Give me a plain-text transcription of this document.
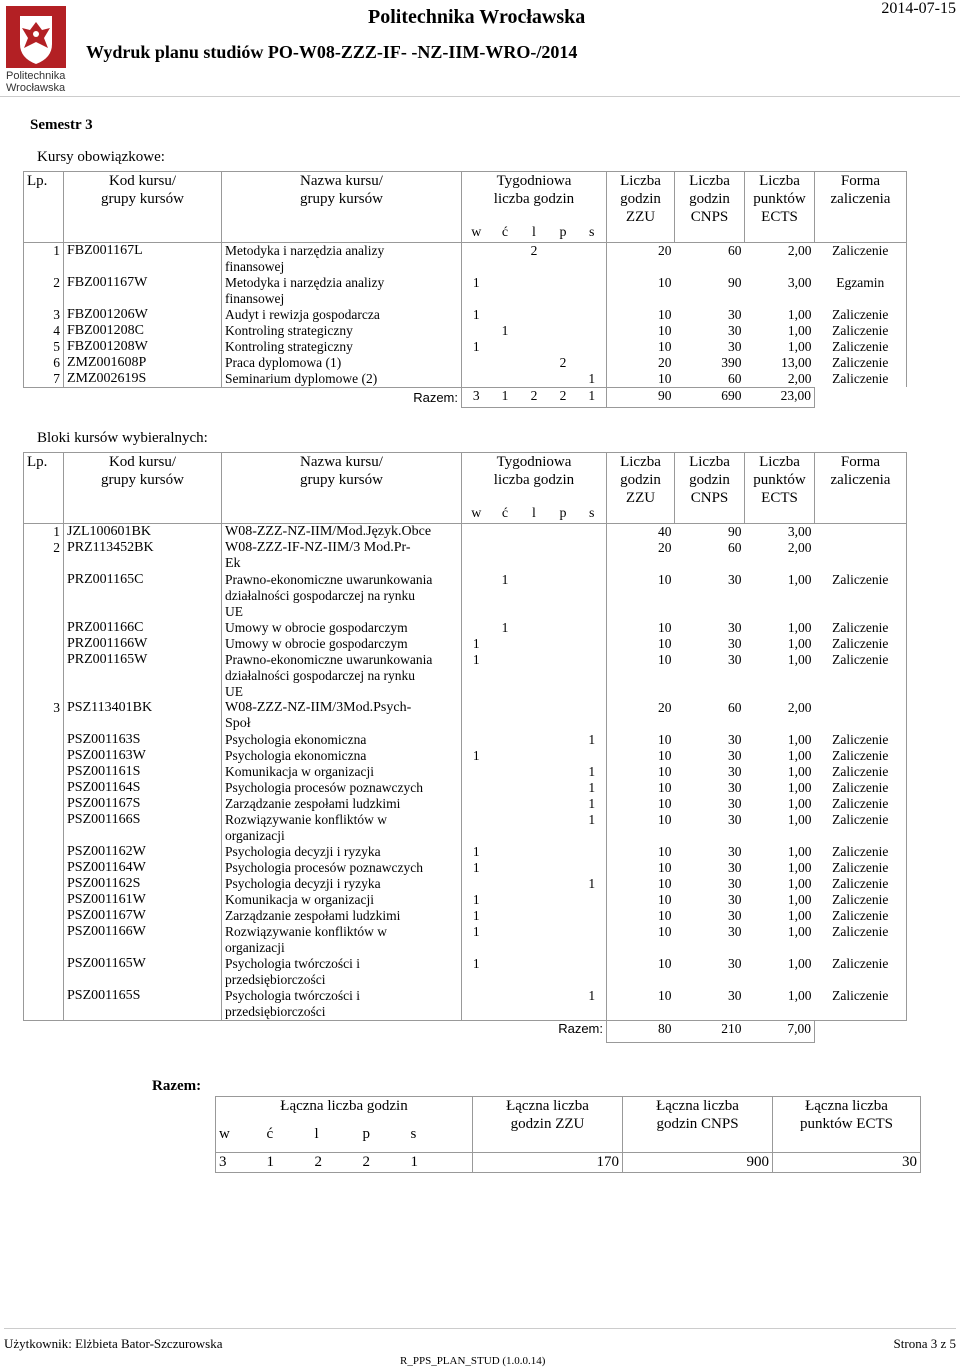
Politechnika
Wrocławska
Politechnika Wrocławska	2014-07-15
Wydruk planu studiów PO-W08-ZZZ-IF- -NZ-IIM-WRO-/2014
Semestr 3
Kursy obowiązkowe:
Lp.	Kod kursu/
grupy kursów	Nazwa kursu/
grupy kursów	Tygodniowa
liczba godzin					Liczba
godzin
ZZU	Liczba
godzin
CNPS	Liczba
punktów
ECTS	Forma
zaliczenia
			w	ć	l	p	s				
1	FBZ001167L	Metodyka i narzędzia analizy
finansowej			2			20	60	2,00	Zaliczenie
2	FBZ001167W	Metodyka i narzędzia analizy
finansowej	1					10	90	3,00	Egzamin
3	FBZ001206W	Audyt i rewizja gospodarcza	1					10	30	1,00	Zaliczenie
4	FBZ001208C	Kontroling strategiczny		1				10	30	1,00	Zaliczenie
5	FBZ001208W	Kontroling strategiczny	1					10	30	1,00	Zaliczenie
6	ZMZ001608P	Praca dyplomowa (1)				2		20	390	13,00	Zaliczenie
7	ZMZ002619S	Seminarium dyplomowe (2)					1	10	60	2,00	Zaliczenie
Razem:			3	1	2	2	1	90	690	23,00	
Bloki kursów wybieralnych:
Lp.	Kod kursu/
grupy kursów	Nazwa kursu/
grupy kursów	Tygodniowa
liczba godzin					Liczba
godzin
ZZU	Liczba
godzin
CNPS	Liczba
punktów
ECTS	Forma
zaliczenia
			w	ć	l	p	s				
1	JZL100601BK	W08-ZZZ-NZ-IIM/Mod.Język.Obce						40	90	3,00	
2	PRZ113452BK	W08-ZZZ-IF-NZ-IIM/3 Mod.Pr-
Ek						20	60	2,00	
	PRZ001165C	Prawno-ekonomiczne uwarunkowania
działalności gospodarczej na rynku
UE		1				10	30	1,00	Zaliczenie
	PRZ001166C	Umowy w obrocie gospodarczym		1				10	30	1,00	Zaliczenie
	PRZ001166W	Umowy w obrocie gospodarczym	1					10	30	1,00	Zaliczenie
	PRZ001165W	Prawno-ekonomiczne uwarunkowania
działalności gospodarczej na rynku
UE	1					10	30	1,00	Zaliczenie
3	PSZ113401BK	W08-ZZZ-NZ-IIM/3Mod.Psych-
Społ						20	60	2,00	
	PSZ001163S	Psychologia ekonomiczna					1	10	30	1,00	Zaliczenie
	PSZ001163W	Psychologia ekonomiczna	1					10	30	1,00	Zaliczenie
	PSZ001161S	Komunikacja w organizacji					1	10	30	1,00	Zaliczenie
	PSZ001164S	Psychologia procesów poznawczych					1	10	30	1,00	Zaliczenie
	PSZ001167S	Zarządzanie zespołami ludzkimi					1	10	30	1,00	Zaliczenie
	PSZ001166S	Rozwiązywanie konfliktów w
organizacji					1	10	30	1,00	Zaliczenie
	PSZ001162W	Psychologia decyzji i ryzyka	1					10	30	1,00	Zaliczenie
	PSZ001164W	Psychologia procesów poznawczych	1					10	30	1,00	Zaliczenie
	PSZ001162S	Psychologia decyzji i ryzyka					1	10	30	1,00	Zaliczenie
	PSZ001161W	Komunikacja w organizacji	1					10	30	1,00	Zaliczenie
	PSZ001167W	Zarządzanie zespołami ludzkimi	1					10	30	1,00	Zaliczenie
	PSZ001166W	Rozwiązywanie konfliktów w
organizacji	1					10	30	1,00	Zaliczenie
	PSZ001165W	Psychologia twórczości i
przedsiębiorczości	1					10	30	1,00	Zaliczenie
	PSZ001165S	Psychologia twórczości i
przedsiębiorczości					1	10	30	1,00	Zaliczenie
Razem:								80	210	7,00	
Razem:
Łączna liczba godzin					Łączna liczba
godzin ZZU	Łączna liczba
godzin CNPS	Łączna liczba
punktów ECTS
w	ć	l	p	s			
3	1	2	2	1	170	900	30
Użytkownik: Elżbieta Bator-Szczurowska	Strona 3 z 5
R_PPS_PLAN_STUD (1.0.0.14)
